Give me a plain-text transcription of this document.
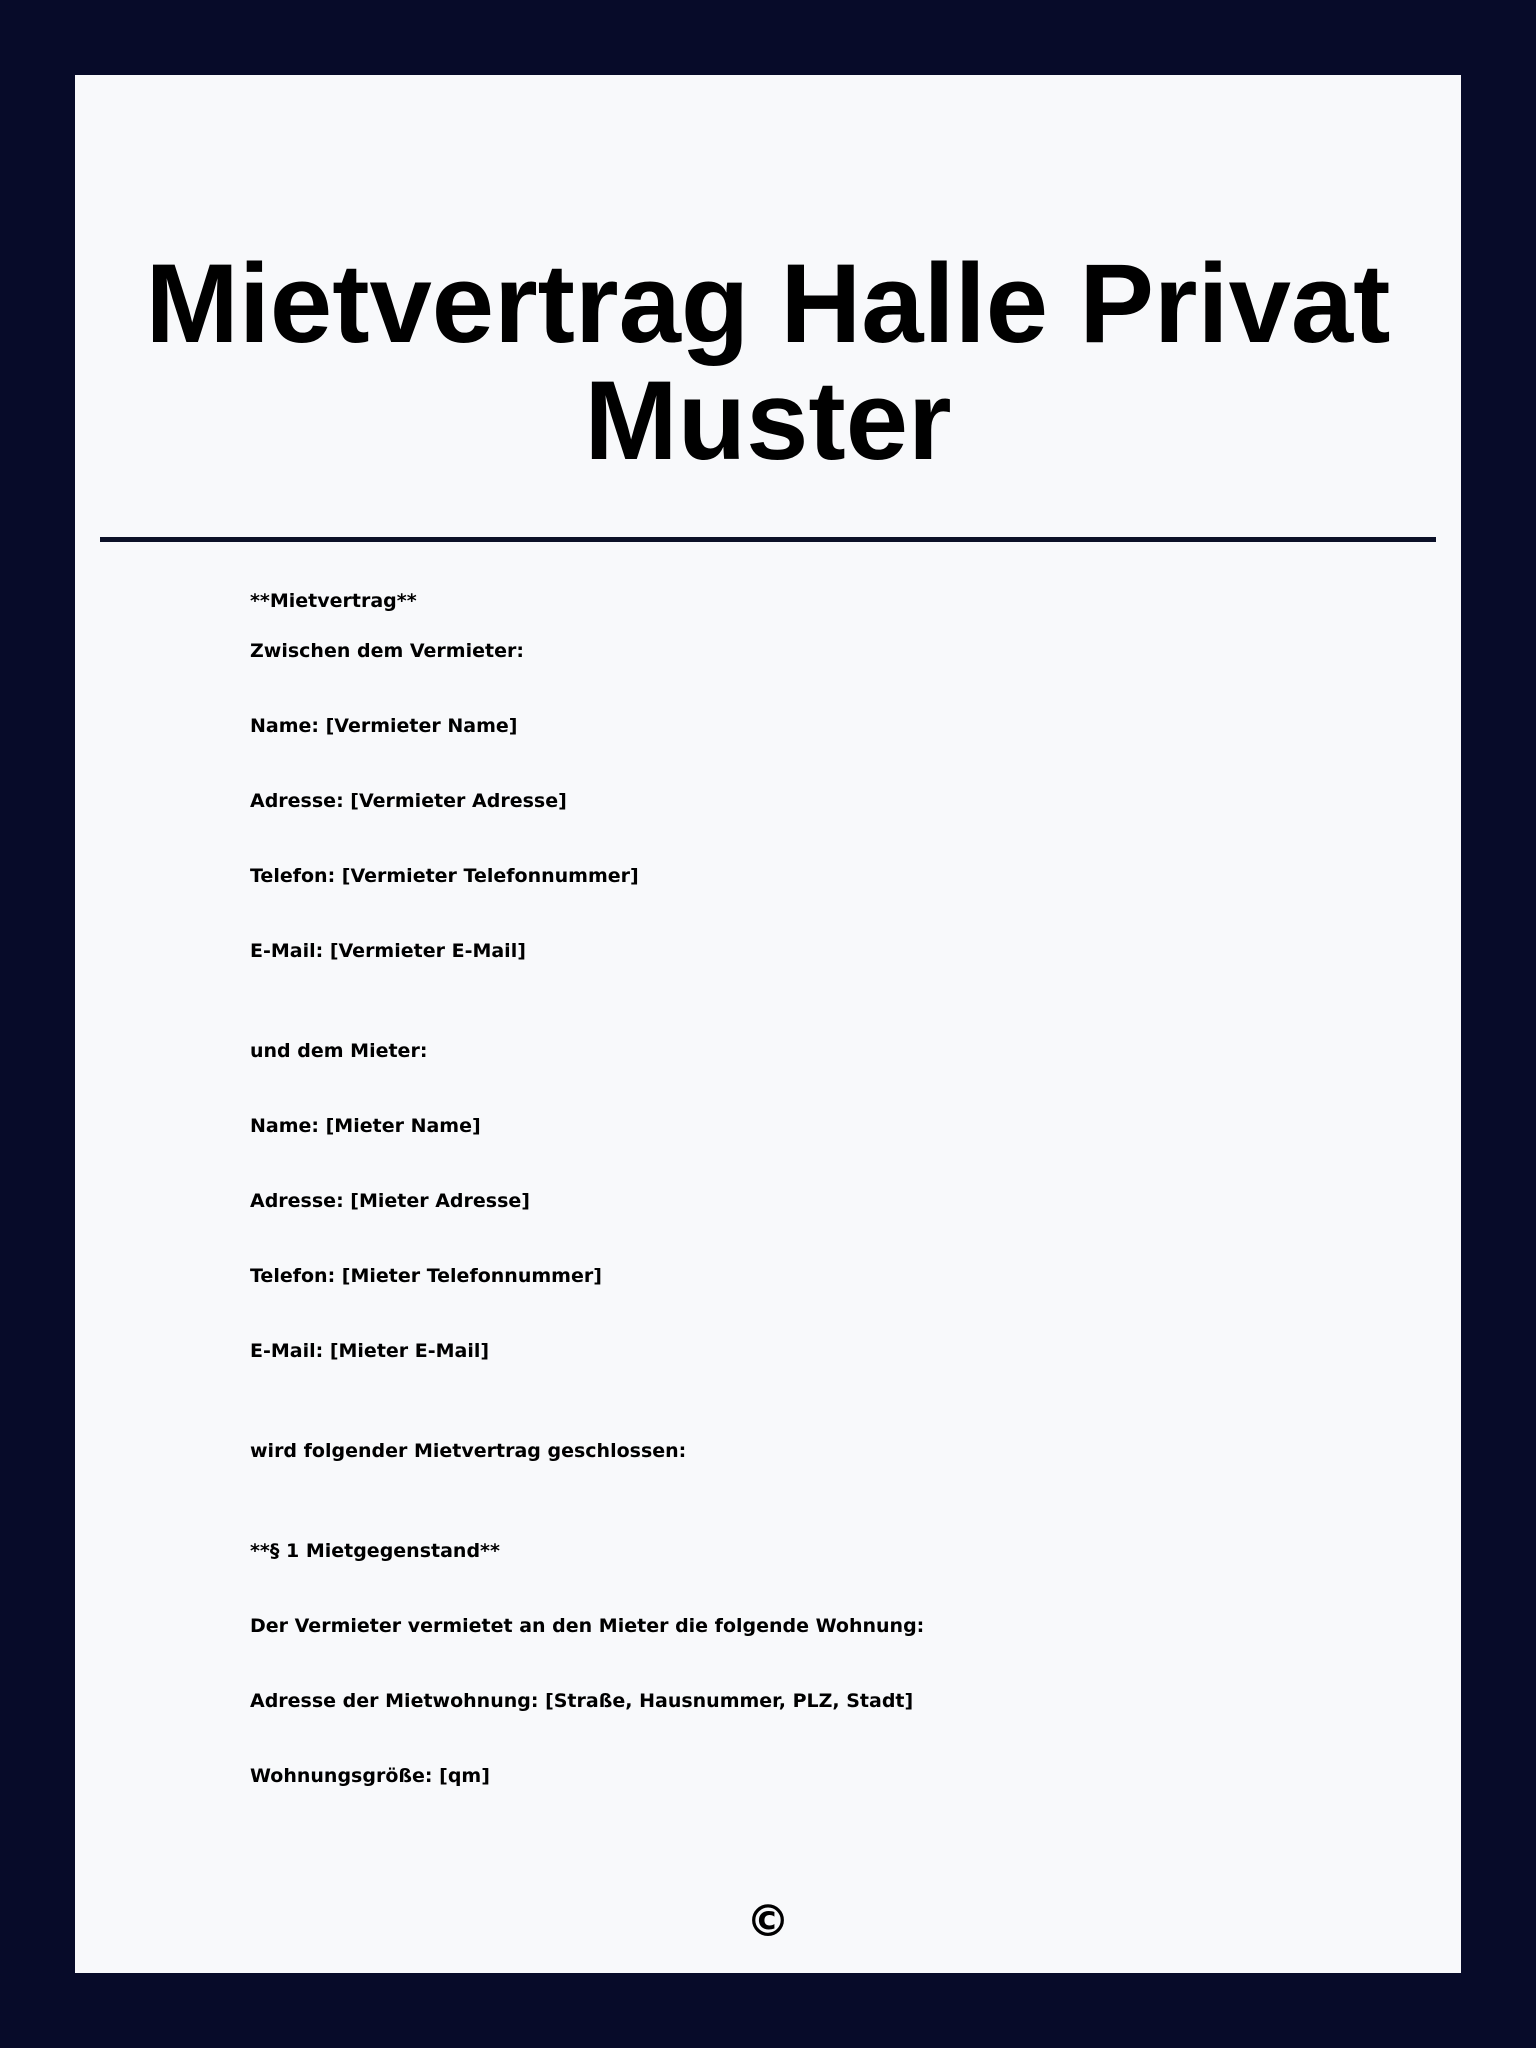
Mietvertrag Halle Privat Muster
**Mietvertrag**
Zwischen dem Vermieter:
Name: [Vermieter Name]
Adresse: [Vermieter Adresse]
Telefon: [Vermieter Telefonnummer]
E-Mail: [Vermieter E-Mail]
und dem Mieter:
Name: [Mieter Name]
Adresse: [Mieter Adresse]
Telefon: [Mieter Telefonnummer]
E-Mail: [Mieter E-Mail]
wird folgender Mietvertrag geschlossen:
**§ 1 Mietgegenstand**
Der Vermieter vermietet an den Mieter die folgende Wohnung:
Adresse der Mietwohnung: [Straße, Hausnummer, PLZ, Stadt]
Wohnungsgröße: [qm]
©
